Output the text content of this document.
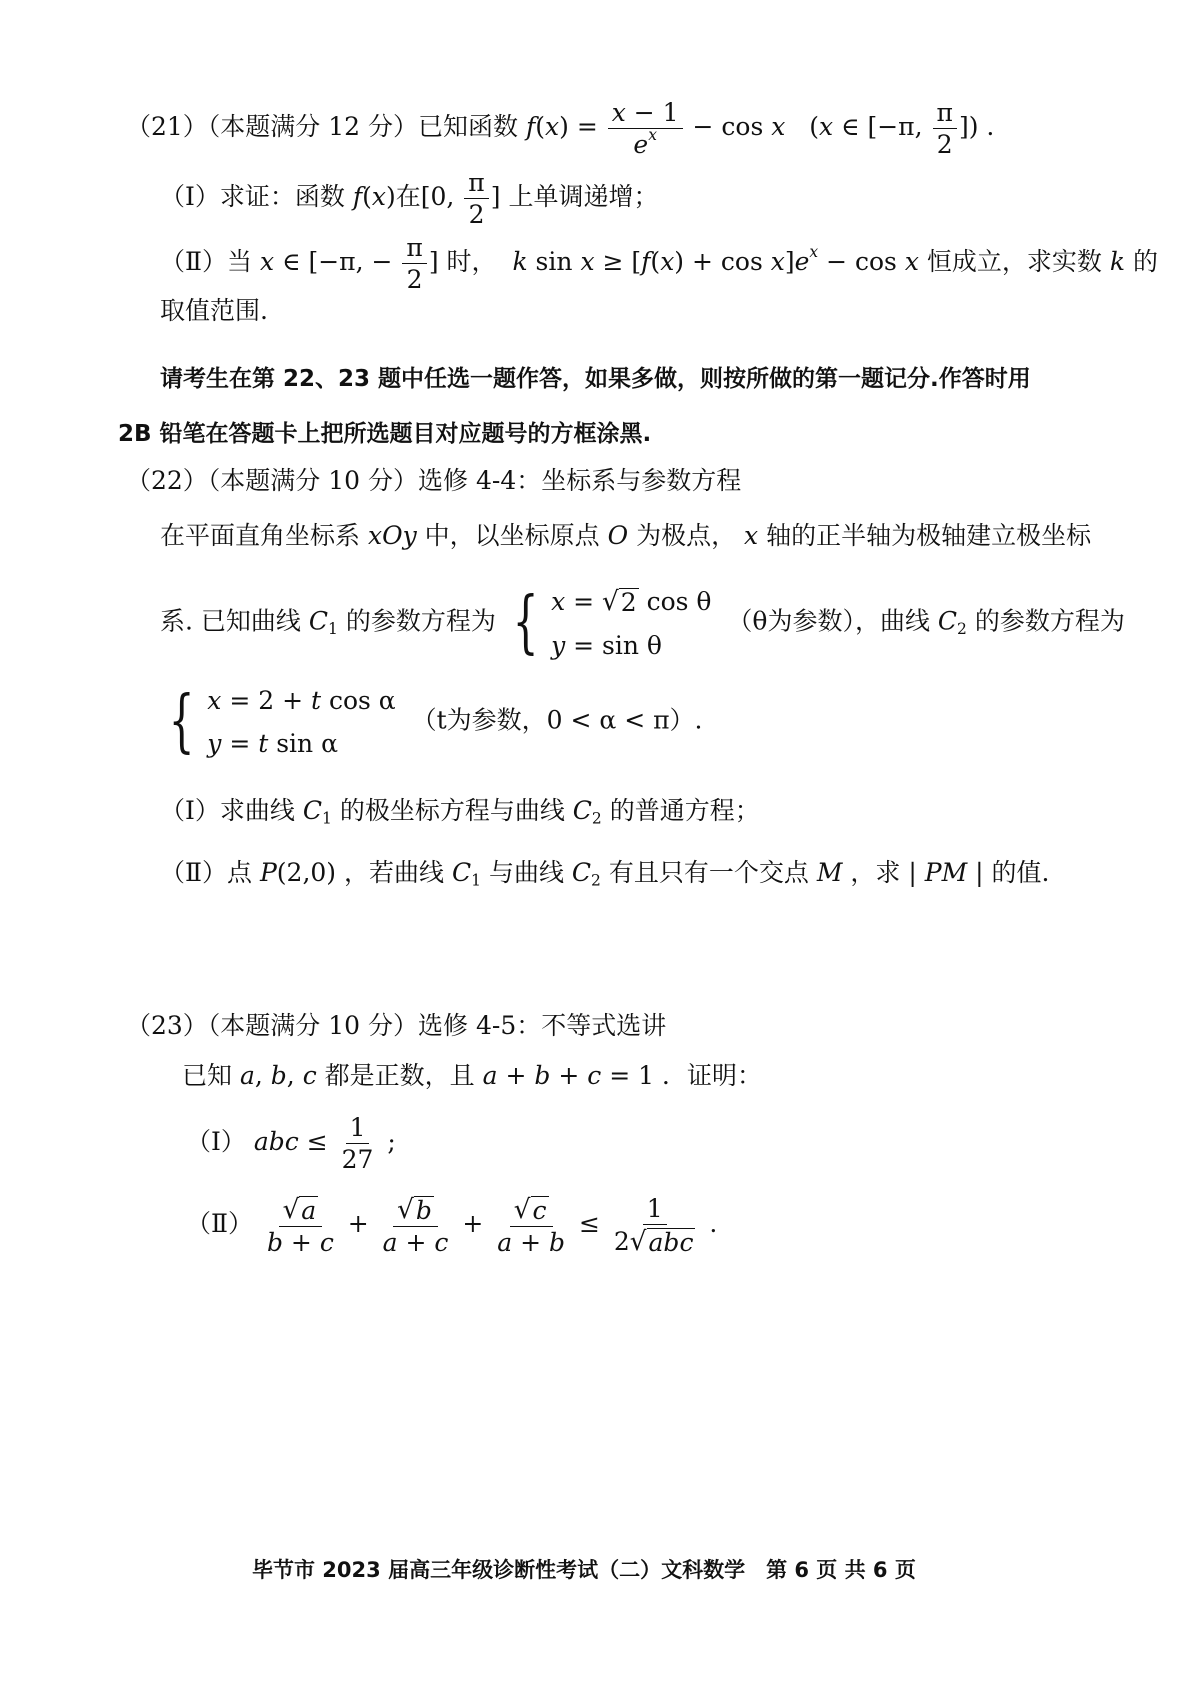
（21）（本题满分 12 分）已知函数 $f(x) = \frac{x - 1}{e^x} - \cos x$   (x ∈ [−π, $\frac{\pi}{2}$ ]) .
（Ⅰ）求证：函数 f(x)在[0, $\frac{\pi}{2}$ ] 上单调递增；
（Ⅱ）当 x ∈ [−π, − $\frac{\pi}{2}$ ] 时， k $\sin x \ge [f(x) + \cos x]e^x - \cos x$ 恒成立，求实数 k 的
取值范围.
请考生在第 22、23 题中任选一题作答，如果多做，则按所做的第一题记分.作答时用
2B 铅笔在答题卡上把所选题目对应题号的方框涂黑.
（22）（本题满分 10 分）选修 4-4：坐标系与参数方程
在平面直角坐标系 xOy 中，以坐标原点 O 为极点， x 轴的正半轴为极轴建立极坐标
系. 已知曲线 $C_1$ 的参数方程为 { x = √ 2 cos θ
y = sin θ
（θ为参数），曲线 $C_2$ 的参数方程为
{ x = 2 + t cos α
y = t sin α
（t为参数，0 < α < π）.
（Ⅰ）求曲线 $C_1$ 的极坐标方程与曲线 $C_2$ 的普通方程；
（Ⅱ）点 P(2,0) ，若曲线 $C_1$ 与曲线 $C_2$ 有且只有一个交点 M ，求 | PM | 的值.
（23）（本题满分 10 分）选修 4-5：不等式选讲
已知 a, b, c 都是正数，且 a + b + c = 1 ．证明：
（Ⅰ） abc ≤ $\frac{1}{27}$ ;
（Ⅱ） $\frac{√ a}{b + c} + \frac{√ b}{a + c} + \frac{√ c}{a + b} \le \frac{1}{\text{2 √ abc}}$ .
毕节市 2023 届高三年级诊断性考试（二）文科数学　第 6 页 共 6 页
